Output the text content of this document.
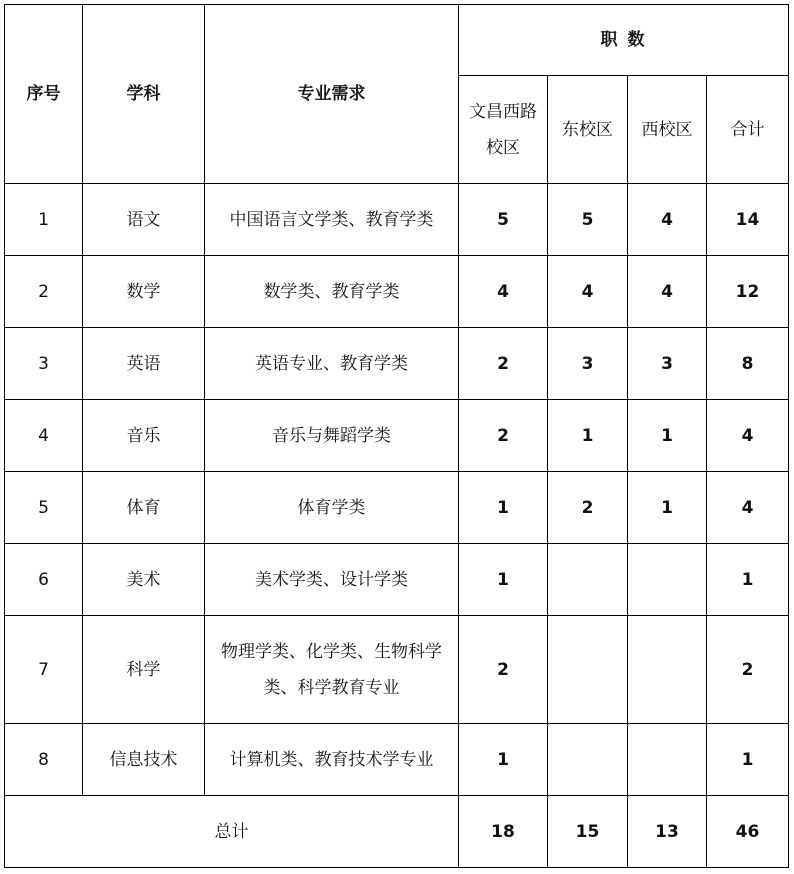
序号	学科	专业需求	职 数			
			文昌西路校区	东校区	西校区	合计
1	语文	中国语言文学类、教育学类	5	5	4	14
2	数学	数学类、教育学类	4	4	4	12
3	英语	英语专业、教育学类	2	3	3	8
4	音乐	音乐与舞蹈学类	2	1	1	4
5	体育	体育学类	1	2	1	4
6	美术	美术学类、设计学类	1			1
7	科学	物理学类、化学类、生物科学类、科学教育专业	2			2
8	信息技术	计算机类、教育技术学专业	1			1
总计			18	15	13	46
